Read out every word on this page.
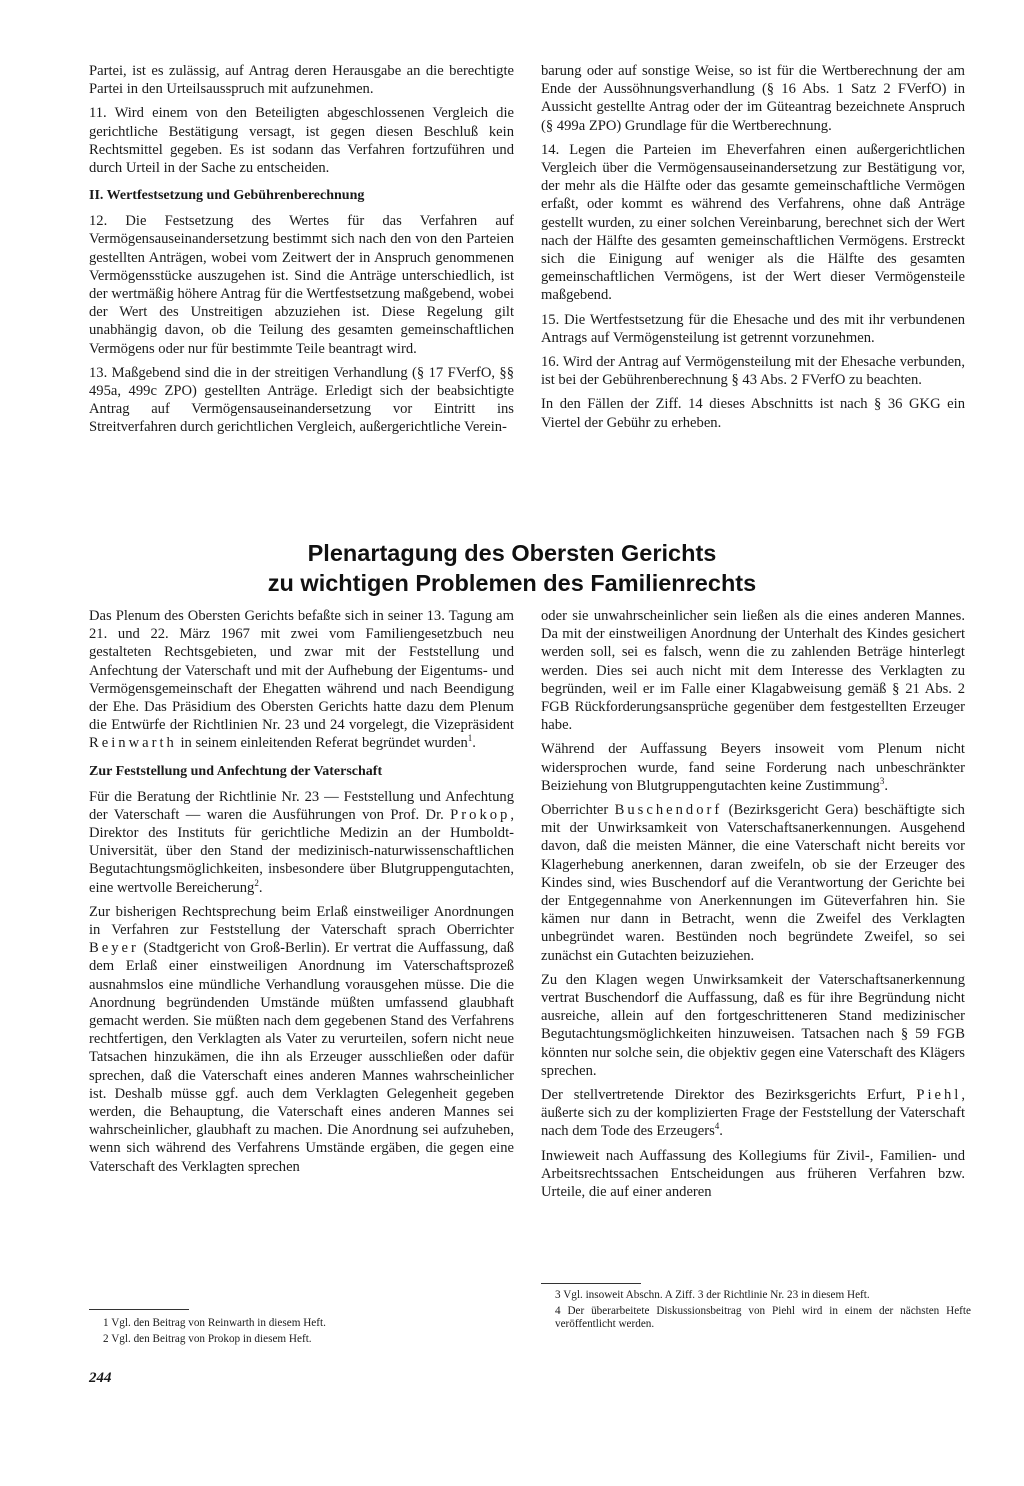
Partei, ist es zulässig, auf Antrag deren Herausgabe an die berechtigte Partei in den Urteilsausspruch mit aufzunehmen.

11. Wird einem von den Beteiligten abgeschlossenen Vergleich die gerichtliche Bestätigung versagt, ist gegen diesen Beschluß kein Rechtsmittel gegeben. Es ist sodann das Verfahren fortzuführen und durch Urteil in der Sache zu entscheiden.

II. Wertfestsetzung und Gebührenberechnung

12. Die Festsetzung des Wertes für das Verfahren auf Vermögensauseinandersetzung bestimmt sich nach den von den Parteien gestellten Anträgen, wobei vom Zeitwert der in Anspruch genommenen Vermögensstücke auszugehen ist. Sind die Anträge unterschiedlich, ist der wertmäßig höhere Antrag für die Wertfestsetzung maßgebend, wobei der Wert des Unstreitigen abzuziehen ist. Diese Regelung gilt unabhängig davon, ob die Teilung des gesamten gemeinschaftlichen Vermögens oder nur für bestimmte Teile beantragt wird.

13. Maßgebend sind die in der streitigen Verhandlung (§ 17 FVerfO, §§ 495a, 499c ZPO) gestellten Anträge. Erledigt sich der beabsichtigte Antrag auf Vermögensauseinandersetzung vor Eintritt ins Streitverfahren durch gerichtlichen Vergleich, außergerichtliche Verein-

barung oder auf sonstige Weise, so ist für die Wertberechnung der am Ende der Aussöhnungsverhandlung (§ 16 Abs. 1 Satz 2 FVerfO) in Aussicht gestellte Antrag oder der im Güteantrag bezeichnete Anspruch (§ 499a ZPO) Grundlage für die Wertberechnung.

14. Legen die Parteien im Eheverfahren einen außergerichtlichen Vergleich über die Vermögensauseinandersetzung zur Bestätigung vor, der mehr als die Hälfte oder das gesamte gemeinschaftliche Vermögen erfaßt, oder kommt es während des Verfahrens, ohne daß Anträge gestellt wurden, zu einer solchen Vereinbarung, berechnet sich der Wert nach der Hälfte des gesamten gemeinschaftlichen Vermögens. Erstreckt sich die Einigung auf weniger als die Hälfte des gesamten gemeinschaftlichen Vermögens, ist der Wert dieser Vermögensteile maßgebend.

15. Die Wertfestsetzung für die Ehesache und des mit ihr verbundenen Antrags auf Vermögensteilung ist getrennt vorzunehmen.

16. Wird der Antrag auf Vermögensteilung mit der Ehesache verbunden, ist bei der Gebührenberechnung § 43 Abs. 2 FVerfO zu beachten.

In den Fällen der Ziff. 14 dieses Abschnitts ist nach § 36 GKG ein Viertel der Gebühr zu erheben.

Plenartagung des Obersten Gerichts
zu wichtigen Problemen des Familienrechts

Das Plenum des Obersten Gerichts befaßte sich in seiner 13. Tagung am 21. und 22. März 1967 mit zwei vom Familiengesetzbuch neu gestalteten Rechtsgebieten, und zwar mit der Feststellung und Anfechtung der Vaterschaft und mit der Aufhebung der Eigentums- und Vermögensgemeinschaft der Ehegatten während und nach Beendigung der Ehe. Das Präsidium des Obersten Gerichts hatte dazu dem Plenum die Entwürfe der Richtlinien Nr. 23 und 24 vorgelegt, die Vizepräsident Reinwarth in seinem einleitenden Referat begründet wurden$^1$.

Zur Feststellung und Anfechtung der Vaterschaft

Für die Beratung der Richtlinie Nr. 23 — Feststellung und Anfechtung der Vaterschaft — waren die Ausführungen von Prof. Dr. Prokop, Direktor des Instituts für gerichtliche Medizin an der Humboldt-Universität, über den Stand der medizinisch-naturwissenschaftlichen Begutachtungsmöglichkeiten, insbesondere über Blutgruppengutachten, eine wertvolle Bereicherung$^2$.

Zur bisherigen Rechtsprechung beim Erlaß einstweiliger Anordnungen in Verfahren zur Feststellung der Vaterschaft sprach Oberrichter Beyer (Stadtgericht von Groß-Berlin). Er vertrat die Auffassung, daß dem Erlaß einer einstweiligen Anordnung im Vaterschaftsprozeß ausnahmslos eine mündliche Verhandlung vorausgehen müsse. Die die Anordnung begründenden Umstände müßten umfassend glaubhaft gemacht werden. Sie müßten nach dem gegebenen Stand des Verfahrens rechtfertigen, den Verklagten als Vater zu verurteilen, sofern nicht neue Tatsachen hinzukämen, die ihn als Erzeuger ausschließen oder dafür sprechen, daß die Vaterschaft eines anderen Mannes wahrscheinlicher ist. Deshalb müsse ggf. auch dem Verklagten Gelegenheit gegeben werden, die Behauptung, die Vaterschaft eines anderen Mannes sei wahrscheinlicher, glaubhaft zu machen. Die Anordnung sei aufzuheben, wenn sich während des Verfahrens Umstände ergäben, die gegen eine Vaterschaft des Verklagten sprechen

oder sie unwahrscheinlicher sein ließen als die eines anderen Mannes. Da mit der einstweiligen Anordnung der Unterhalt des Kindes gesichert werden soll, sei es falsch, wenn die zu zahlenden Beträge hinterlegt werden. Dies sei auch nicht mit dem Interesse des Verklagten zu begründen, weil er im Falle einer Klagabweisung gemäß § 21 Abs. 2 FGB Rückforderungsansprüche gegenüber dem festgestellten Erzeuger habe.

Während der Auffassung Beyers insoweit vom Plenum nicht widersprochen wurde, fand seine Forderung nach unbeschränkter Beiziehung von Blutgruppengutachten keine Zustimmung$^3$.

Oberrichter Buschendorf (Bezirksgericht Gera) beschäftigte sich mit der Unwirksamkeit von Vaterschaftsanerkennungen. Ausgehend davon, daß die meisten Männer, die eine Vaterschaft nicht bereits vor Klagerhebung anerkennen, daran zweifeln, ob sie der Erzeuger des Kindes sind, wies Buschendorf auf die Verantwortung der Gerichte bei der Entgegennahme von Anerkennungen im Güteverfahren hin. Sie kämen nur dann in Betracht, wenn die Zweifel des Verklagten unbegründet waren. Bestünden noch begründete Zweifel, so sei zunächst ein Gutachten beizuziehen.

Zu den Klagen wegen Unwirksamkeit der Vaterschaftsanerkennung vertrat Buschendorf die Auffassung, daß es für ihre Begründung nicht ausreiche, allein auf den fortgeschritteneren Stand medizinischer Begutachtungsmöglichkeiten hinzuweisen. Tatsachen nach § 59 FGB könnten nur solche sein, die objektiv gegen eine Vaterschaft des Klägers sprechen.

Der stellvertretende Direktor des Bezirksgerichts Erfurt, Piehl, äußerte sich zu der komplizierten Frage der Feststellung der Vaterschaft nach dem Tode des Erzeugers$^4$.

Inwieweit nach Auffassung des Kollegiums für Zivil-, Familien- und Arbeitsrechtssachen Entscheidungen aus früheren Verfahren bzw. Urteile, die auf einer anderen

1 Vgl. den Beitrag von Reinwarth in diesem Heft.

2 Vgl. den Beitrag von Prokop in diesem Heft.

3 Vgl. insoweit Abschn. A Ziff. 3 der Richtlinie Nr. 23 in diesem Heft.

4 Der überarbeitete Diskussionsbeitrag von Piehl wird in einem der nächsten Hefte veröffentlicht werden.

244
